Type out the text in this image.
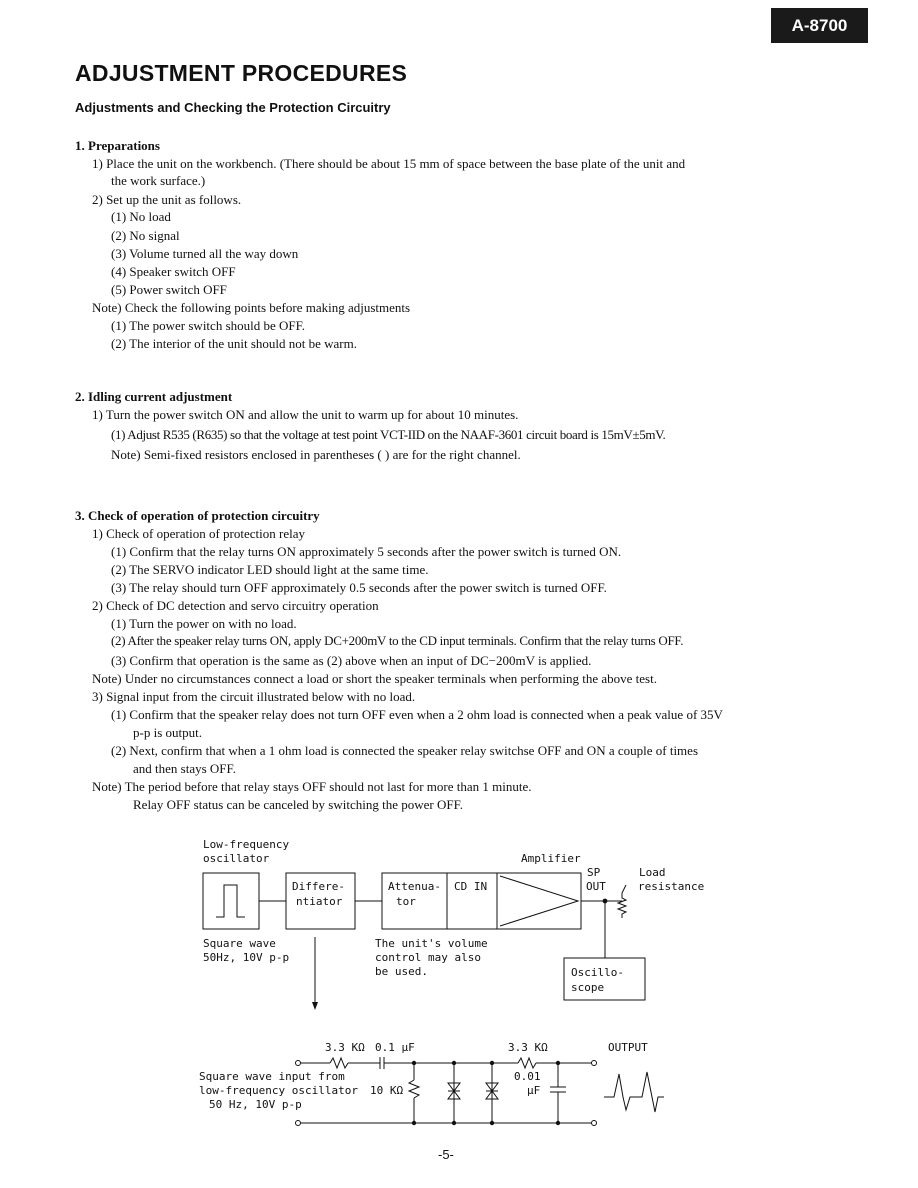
A-8700
ADJUSTMENT PROCEDURES
Adjustments and Checking the Protection Circuitry
1. Preparations
1) Place the unit on the workbench. (There should be about 15 mm of space between the base plate of the unit and
the work surface.)
2) Set up the unit as follows.
(1) No load
(2) No signal
(3) Volume turned all the way down
(4) Speaker switch OFF
(5) Power switch OFF
Note) Check the following points before making adjustments
(1) The power switch should be OFF.
(2) The interior of the unit should not be warm.
2. Idling current adjustment
1) Turn the power switch ON and allow the unit to warm up for about 10 minutes.
(1) Adjust R535 (R635) so that the voltage at test point VCT-IID on the NAAF-3601 circuit board is 15mV±5mV.
Note) Semi-fixed resistors enclosed in parentheses ( ) are for the right channel.
3. Check of operation of protection circuitry
1) Check of operation of protection relay
(1) Confirm that the relay turns ON approximately 5 seconds after the power switch is turned ON.
(2) The SERVO indicator LED should light at the same time.
(3) The relay should turn OFF approximately 0.5 seconds after the power switch is turned OFF.
2) Check of DC detection and servo circuitry operation
(1) Turn the power on with no load.
(2) After the speaker relay turns ON, apply DC+200mV to the CD input terminals. Confirm that the relay turns OFF.
(3) Confirm that operation is the same as (2) above when an input of DC−200mV is applied.
Note) Under no circumstances connect a load or short the speaker terminals when performing the above test.
3) Signal input from the circuit illustrated below with no load.
(1) Confirm that the speaker relay does not turn OFF even when a 2 ohm load is connected when a peak value of 35V
p-p is output.
(2) Next, confirm that when a 1 ohm load is connected the speaker relay switchse OFF and ON a couple of times
and then stays OFF.
Note) The period before that relay stays OFF should not last for more than 1 minute.
Relay OFF status can be canceled by switching the power OFF.
Low-frequency
oscillator	Amplifier
Differe-
ntiator
Attenua-
tor
CD IN
SP
OUT
Load
resistance
Square wave
50Hz, 10V p-p
The unit's volume
control may also
be used.	Oscillo-
scope
3.3 KΩ 0.1 μF	3.3 KΩ	OUTPUT
Square wave input from
low-frequency oscillator
50 Hz, 10V p-p
10 KΩ
0.01
μF
-5-
